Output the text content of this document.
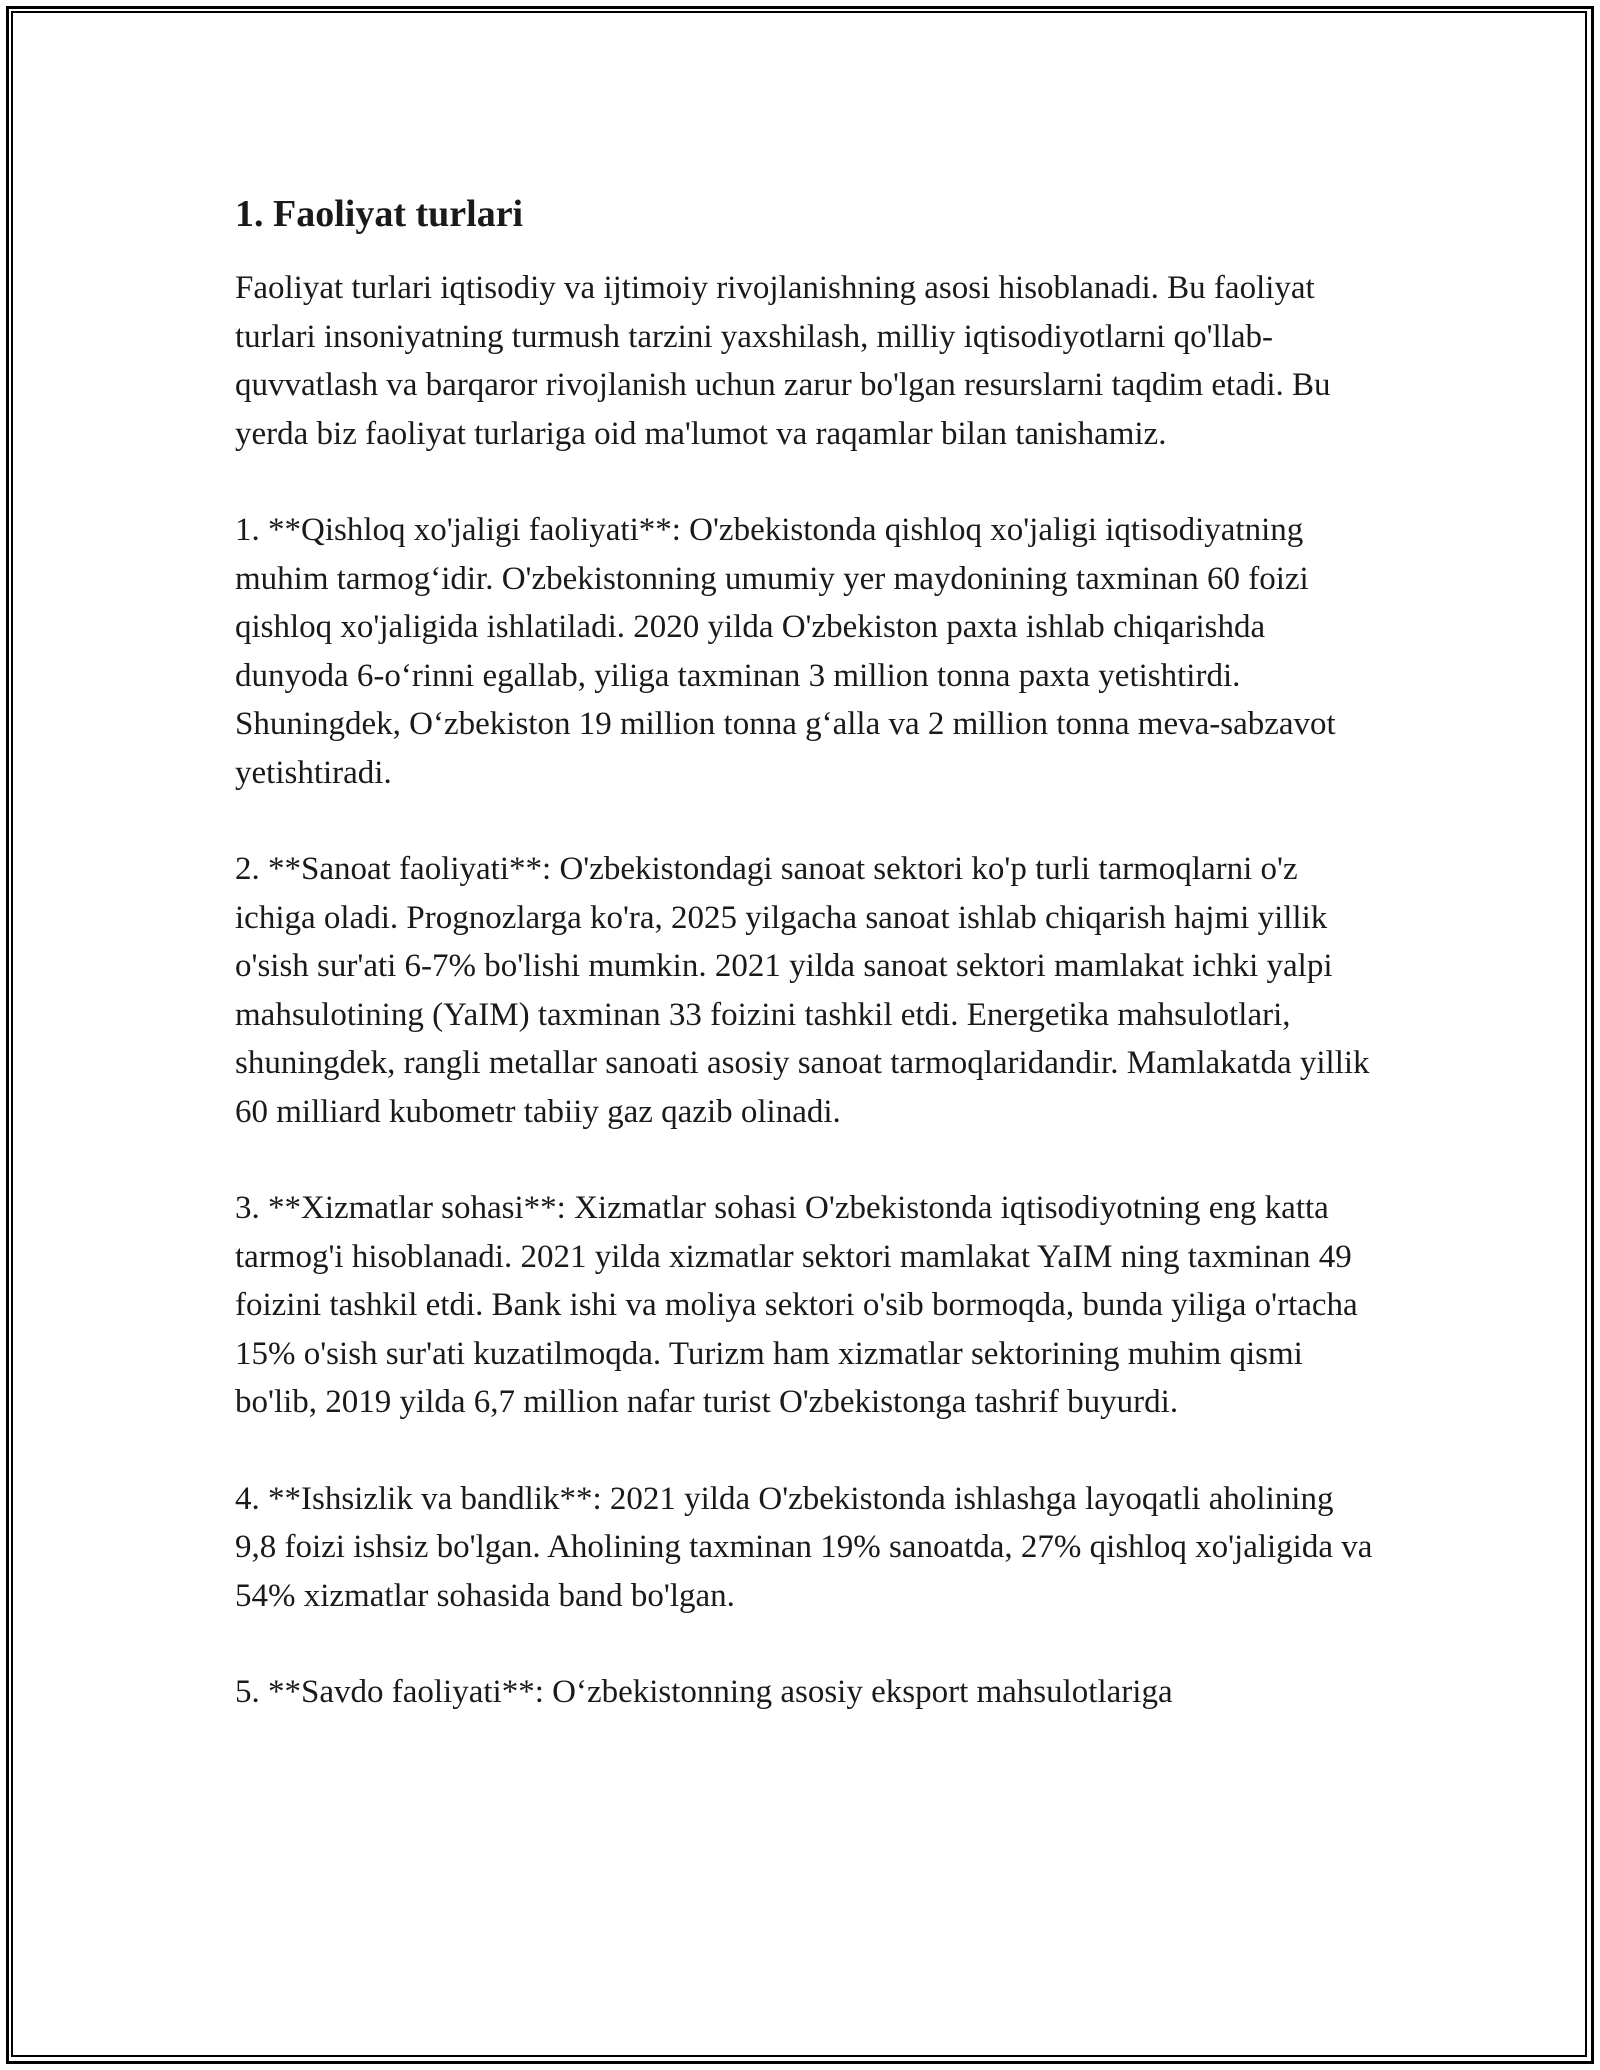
1. Faoliyat turlari
Faoliyat turlari iqtisodiy va ijtimoiy rivojlanishning asosi hisoblanadi. Bu faoliyat turlari insoniyatning turmush tarzini yaxshilash, milliy iqtisodiyotlarni qo'llab-quvvatlash va barqaror rivojlanish uchun zarur bo'lgan resurslarni taqdim etadi. Bu yerda biz faoliyat turlariga oid ma'lumot va raqamlar bilan tanishamiz.
1. **Qishloq xo'jaligi faoliyati**: O'zbekistonda qishloq xo'jaligi iqtisodiyatning muhim tarmog‘idir. O'zbekistonning umumiy yer maydonining taxminan 60 foizi qishloq xo'jaligida ishlatiladi. 2020 yilda O'zbekiston paxta ishlab chiqarishda dunyoda 6-o‘rinni egallab, yiliga taxminan 3 million tonna paxta yetishtirdi. Shuningdek, O‘zbekiston 19 million tonna g‘alla va 2 million tonna meva-sabzavot yetishtiradi.
2. **Sanoat faoliyati**: O'zbekistondagi sanoat sektori ko'p turli tarmoqlarni o'z ichiga oladi. Prognozlarga ko'ra, 2025 yilgacha sanoat ishlab chiqarish hajmi yillik o'sish sur'ati 6-7% bo'lishi mumkin. 2021 yilda sanoat sektori mamlakat ichki yalpi mahsulotining (YaIM) taxminan 33 foizini tashkil etdi. Energetika mahsulotlari, shuningdek, rangli metallar sanoati asosiy sanoat tarmoqlaridandir. Mamlakatda yillik 60 milliard kubometr tabiiy gaz qazib olinadi.
3. **Xizmatlar sohasi**: Xizmatlar sohasi O'zbekistonda iqtisodiyotning eng katta tarmog'i hisoblanadi. 2021 yilda xizmatlar sektori mamlakat YaIM ning taxminan 49 foizini tashkil etdi. Bank ishi va moliya sektori o'sib bormoqda, bunda yiliga o'rtacha 15% o'sish sur'ati kuzatilmoqda. Turizm ham xizmatlar sektorining muhim qismi bo'lib, 2019 yilda 6,7 million nafar turist O'zbekistonga tashrif buyurdi.
4. **Ishsizlik va bandlik**: 2021 yilda O'zbekistonda ishlashga layoqatli aholining 9,8 foizi ishsiz bo'lgan. Aholining taxminan 19% sanoatda, 27% qishloq xo'jaligida va 54% xizmatlar sohasida band bo'lgan.
5. **Savdo faoliyati**: O‘zbekistonning asosiy eksport mahsulotlariga
